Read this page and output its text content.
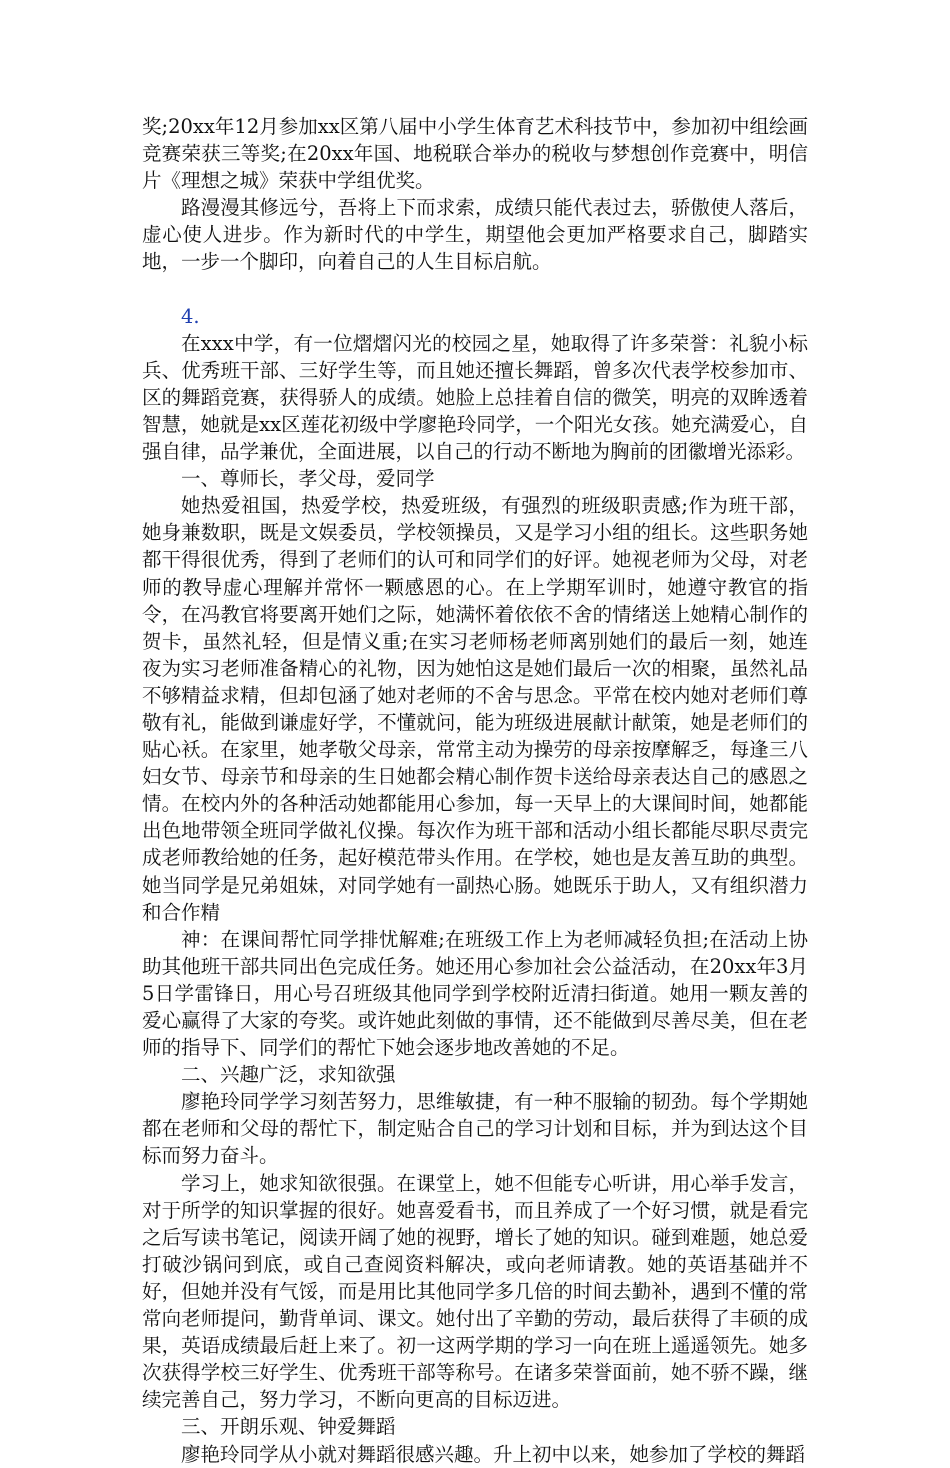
奖;20xx年12月参加xx区第八届中小学生体育艺术科技节中，参加初中组绘画竞赛荣获三等奖;在20xx年国、地税联合举办的税收与梦想创作竞赛中，明信片《理想之城》荣获中学组优奖。

路漫漫其修远兮，吾将上下而求索，成绩只能代表过去，骄傲使人落后，虚心使人进步。作为新时代的中学生，期望他会更加严格要求自己，脚踏实地，一步一个脚印，向着自己的人生目标启航。

4.

在xxx中学，有一位熠熠闪光的校园之星，她取得了许多荣誉：礼貌小标兵、优秀班干部、三好学生等，而且她还擅长舞蹈，曾多次代表学校参加市、区的舞蹈竞赛，获得骄人的成绩。她脸上总挂着自信的微笑，明亮的双眸透着智慧，她就是xx区莲花初级中学廖艳玲同学，一个阳光女孩。她充满爱心，自强自律，品学兼优，全面进展，以自己的行动不断地为胸前的团徽增光添彩。

一、尊师长，孝父母，爱同学

她热爱祖国，热爱学校，热爱班级，有强烈的班级职责感;作为班干部，她身兼数职，既是文娱委员，学校领操员，又是学习小组的组长。这些职务她都干得很优秀，得到了老师们的认可和同学们的好评。她视老师为父母，对老师的教导虚心理解并常怀一颗感恩的心。在上学期军训时，她遵守教官的指令，在冯教官将要离开她们之际，她满怀着依依不舍的情绪送上她精心制作的贺卡，虽然礼轻，但是情义重;在实习老师杨老师离别她们的最后一刻，她连夜为实习老师准备精心的礼物，因为她怕这是她们最后一次的相聚，虽然礼品不够精益求精，但却包涵了她对老师的不舍与思念。平常在校内她对老师们尊敬有礼，能做到谦虚好学，不懂就问，能为班级进展献计献策，她是老师们的贴心袄。在家里，她孝敬父母亲，常常主动为操劳的母亲按摩解乏，每逢三八妇女节、母亲节和母亲的生日她都会精心制作贺卡送给母亲表达自己的感恩之情。在校内外的各种活动她都能用心参加，每一天早上的大课间时间，她都能出色地带领全班同学做礼仪操。每次作为班干部和活动小组长都能尽职尽责完成老师教给她的任务，起好模范带头作用。在学校，她也是友善互助的典型。她当同学是兄弟姐妹，对同学她有一副热心肠。她既乐于助人，又有组织潜力和合作精

神：在课间帮忙同学排忧解难;在班级工作上为老师减轻负担;在活动上协助其他班干部共同出色完成任务。她还用心参加社会公益活动，在20xx年3月5日学雷锋日，用心号召班级其他同学到学校附近清扫街道。她用一颗友善的爱心赢得了大家的夸奖。或许她此刻做的事情，还不能做到尽善尽美，但在老师的指导下、同学们的帮忙下她会逐步地改善她的不足。

二、兴趣广泛，求知欲强

廖艳玲同学学习刻苦努力，思维敏捷，有一种不服输的韧劲。每个学期她都在老师和父母的帮忙下，制定贴合自己的学习计划和目标，并为到达这个目标而努力奋斗。

学习上，她求知欲很强。在课堂上，她不但能专心听讲，用心举手发言，对于所学的知识掌握的很好。她喜爱看书，而且养成了一个好习惯，就是看完之后写读书笔记，阅读开阔了她的视野，增长了她的知识。碰到难题，她总爱打破沙锅问到底，或自己查阅资料解决，或向老师请教。她的英语基础并不好，但她并没有气馁，而是用比其他同学多几倍的时间去勤补，遇到不懂的常常向老师提问，勤背单词、课文。她付出了辛勤的劳动，最后获得了丰硕的成果，英语成绩最后赶上来了。初一这两学期的学习一向在班上遥遥领先。她多次获得学校三好学生、优秀班干部等称号。在诸多荣誉面前，她不骄不躁，继续完善自己，努力学习，不断向更高的目标迈进。

三、开朗乐观、钟爱舞蹈

廖艳玲同学从小就对舞蹈很感兴趣。升上初中以来，她参加了学校的舞蹈
